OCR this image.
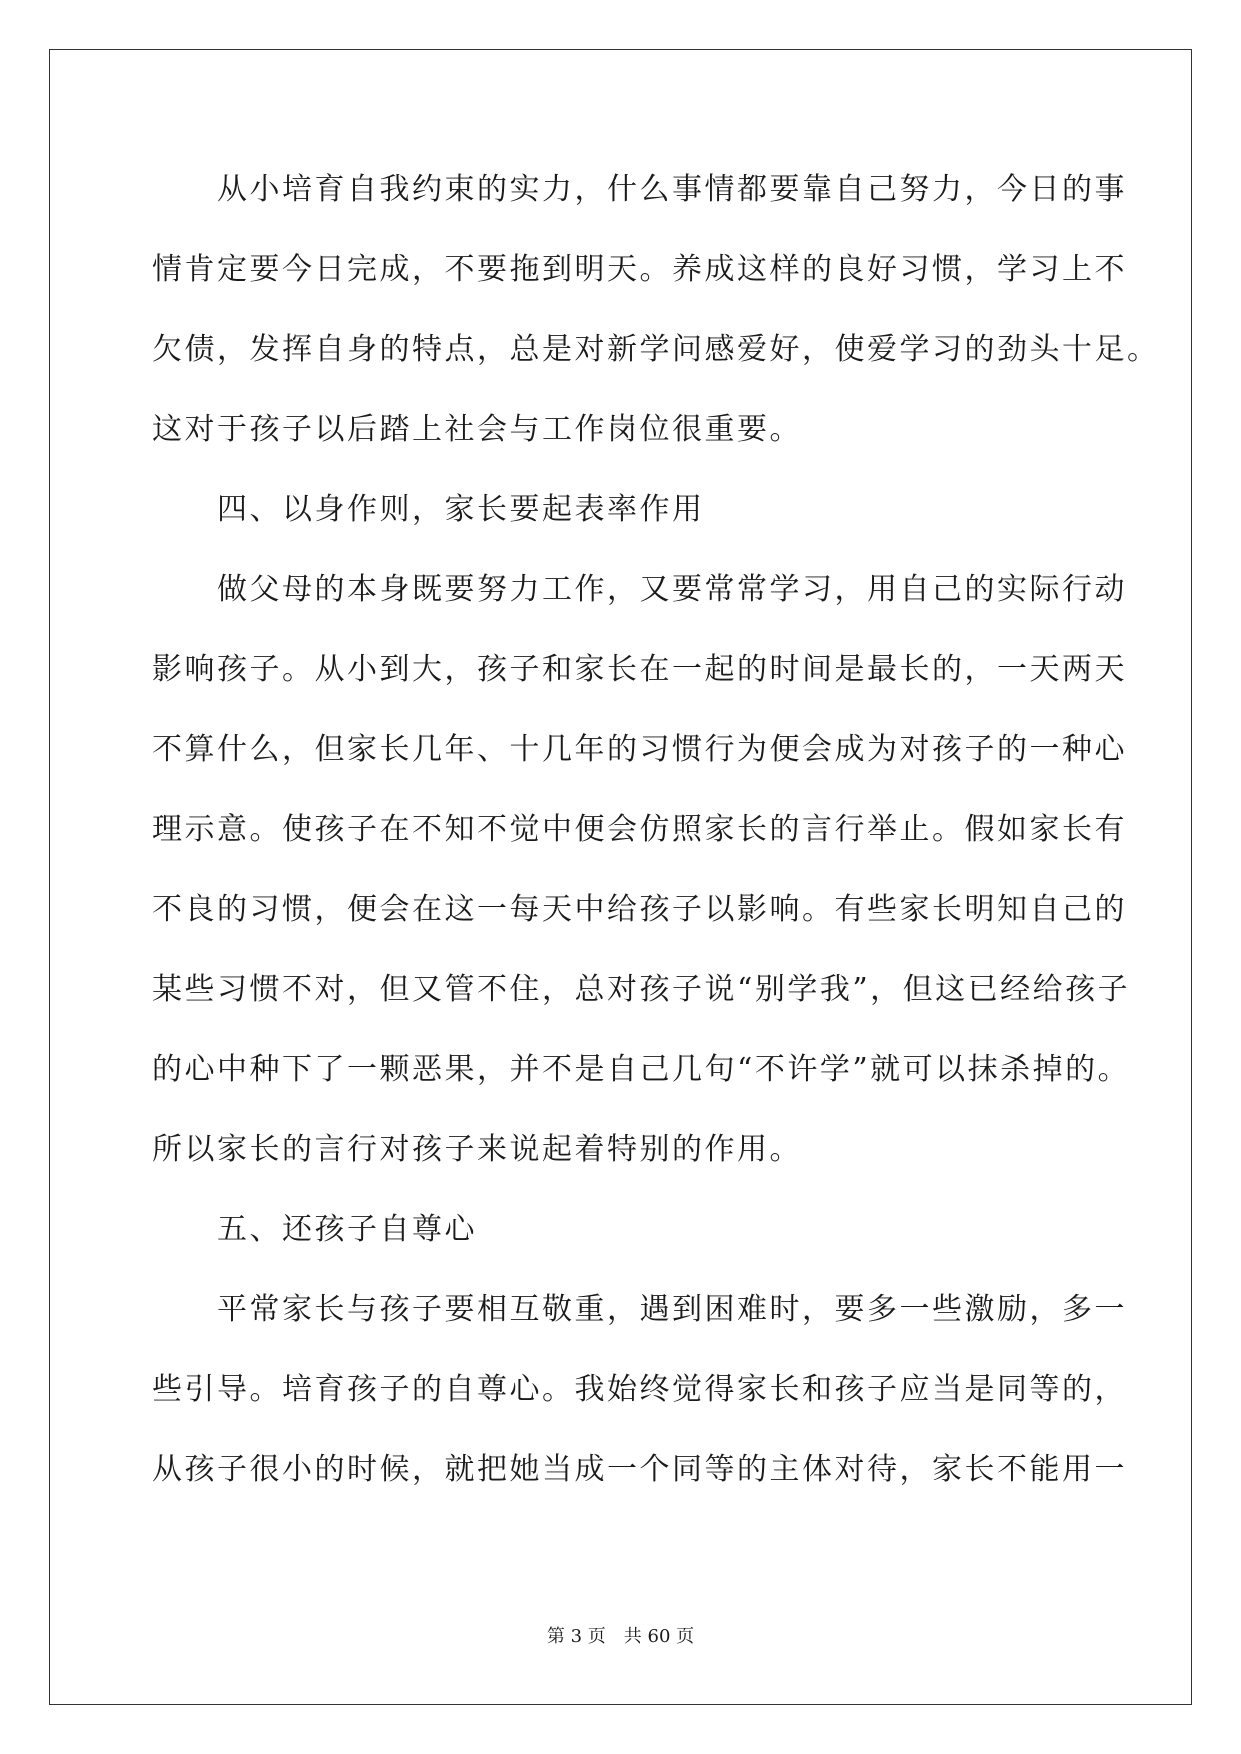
　　从小培育自我约束的实力，什么事情都要靠自己努力，今日的事
情肯定要今日完成，不要拖到明天。养成这样的良好习惯，学习上不
欠债，发挥自身的特点，总是对新学问感爱好，使爱学习的劲头十足。
这对于孩子以后踏上社会与工作岗位很重要。
　　四、以身作则，家长要起表率作用
　　做父母的本身既要努力工作，又要常常学习，用自己的实际行动
影响孩子。从小到大，孩子和家长在一起的时间是最长的，一天两天
不算什么，但家长几年、十几年的习惯行为便会成为对孩子的一种心
理示意。使孩子在不知不觉中便会仿照家长的言行举止。假如家长有
不良的习惯，便会在这一每天中给孩子以影响。有些家长明知自己的
某些习惯不对，但又管不住，总对孩子说“别学我”，但这已经给孩子
的心中种下了一颗恶果，并不是自己几句“不许学”就可以抹杀掉的。
所以家长的言行对孩子来说起着特别的作用。
　　五、还孩子自尊心
　　平常家长与孩子要相互敬重，遇到困难时，要多一些激励，多一
些引导。培育孩子的自尊心。我始终觉得家长和孩子应当是同等的，
从孩子很小的时候，就把她当成一个同等的主体对待，家长不能用一
第 3 页　共 60 页
